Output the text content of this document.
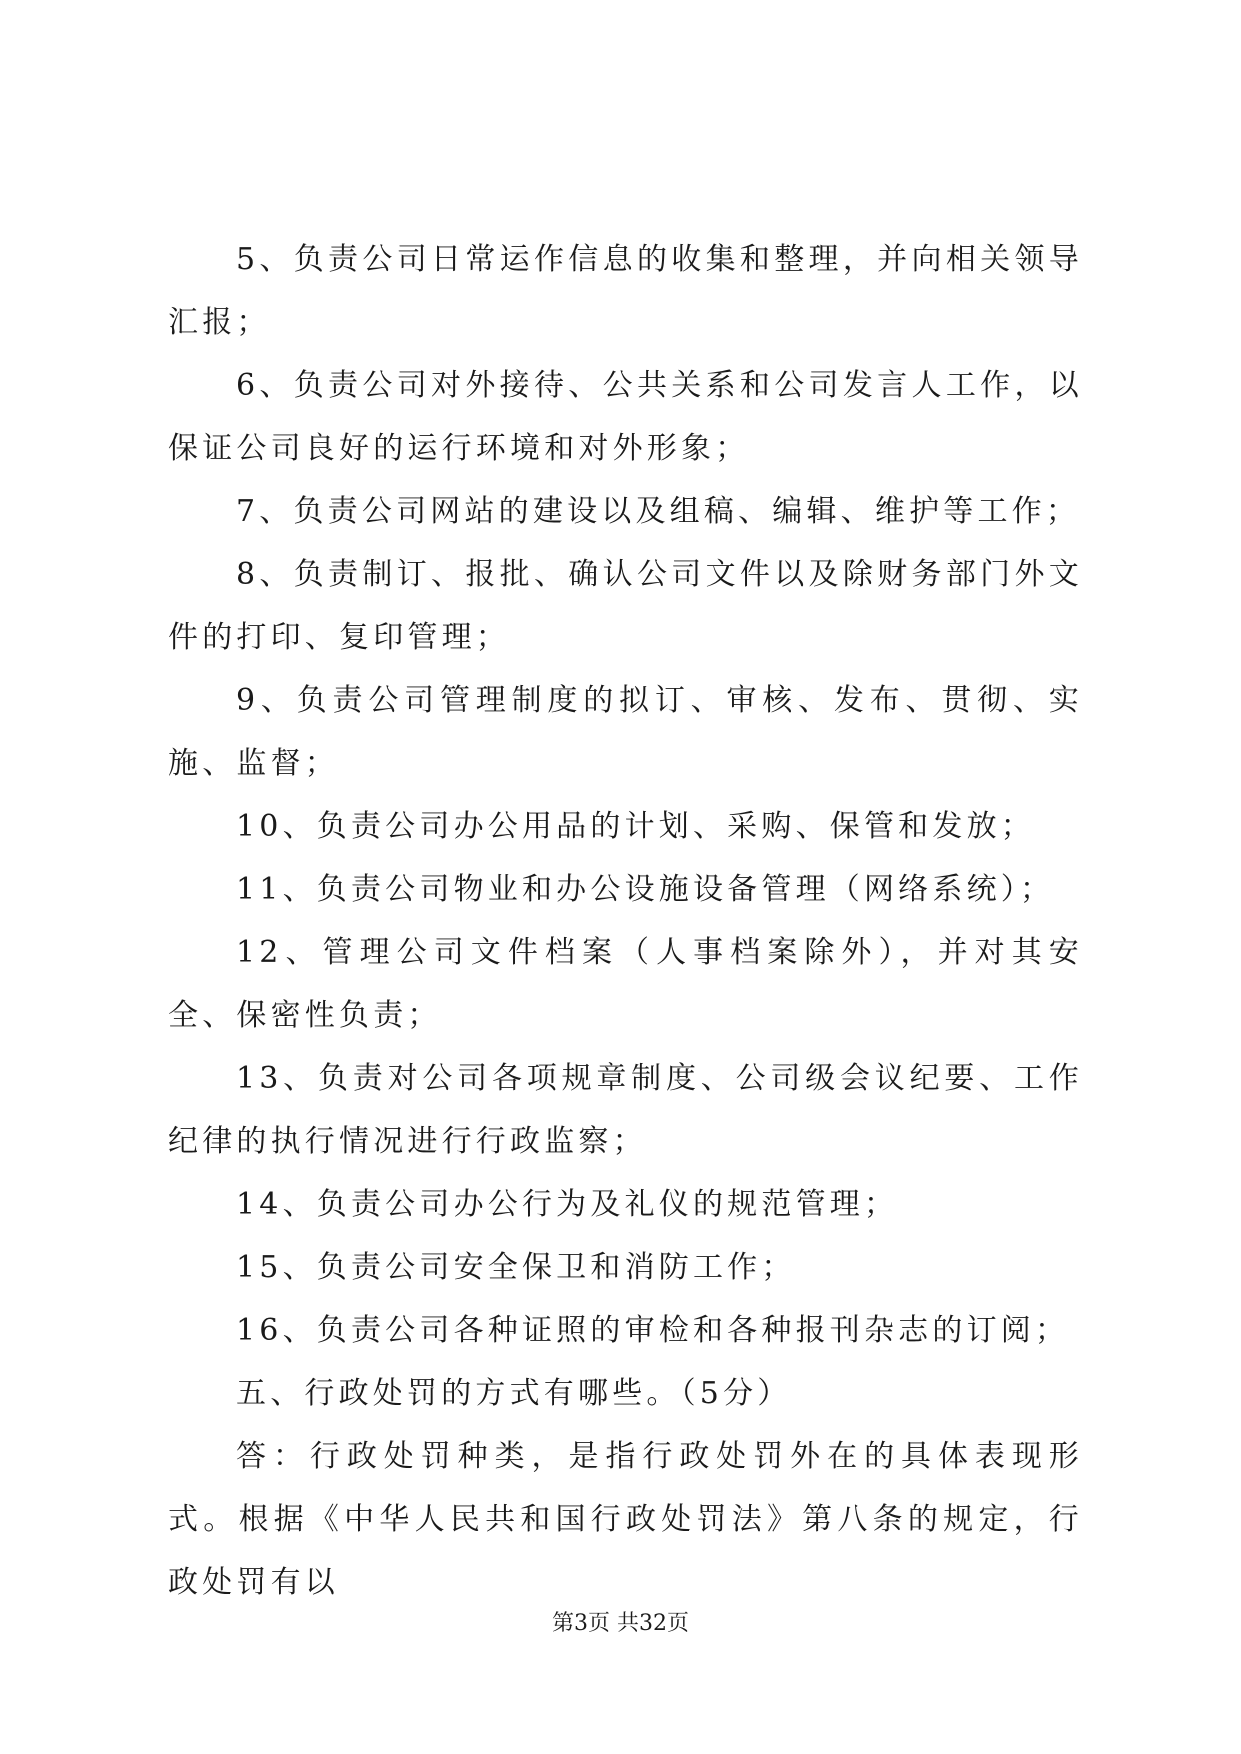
5、负责公司日常运作信息的收集和整理，并向相关领导汇报；

6、负责公司对外接待、公共关系和公司发言人工作，以保证公司良好的运行环境和对外形象；

7、负责公司网站的建设以及组稿、编辑、维护等工作；

8、负责制订、报批、确认公司文件以及除财务部门外文件的打印、复印管理；

9、负责公司管理制度的拟订、审核、发布、贯彻、实施、监督；

10、负责公司办公用品的计划、采购、保管和发放；

11、负责公司物业和办公设施设备管理（网络系统）；

12、管理公司文件档案（人事档案除外），并对其安全、保密性负责；

13、负责对公司各项规章制度、公司级会议纪要、工作纪律的执行情况进行行政监察；

14、负责公司办公行为及礼仪的规范管理；

15、负责公司安全保卫和消防工作；

16、负责公司各种证照的审检和各种报刊杂志的订阅；

五、行政处罚的方式有哪些。（5分）

答：行政处罚种类，是指行政处罚外在的具体表现形式。根据《中华人民共和国行政处罚法》第八条的规定，行政处罚有以

第3页 共32页
